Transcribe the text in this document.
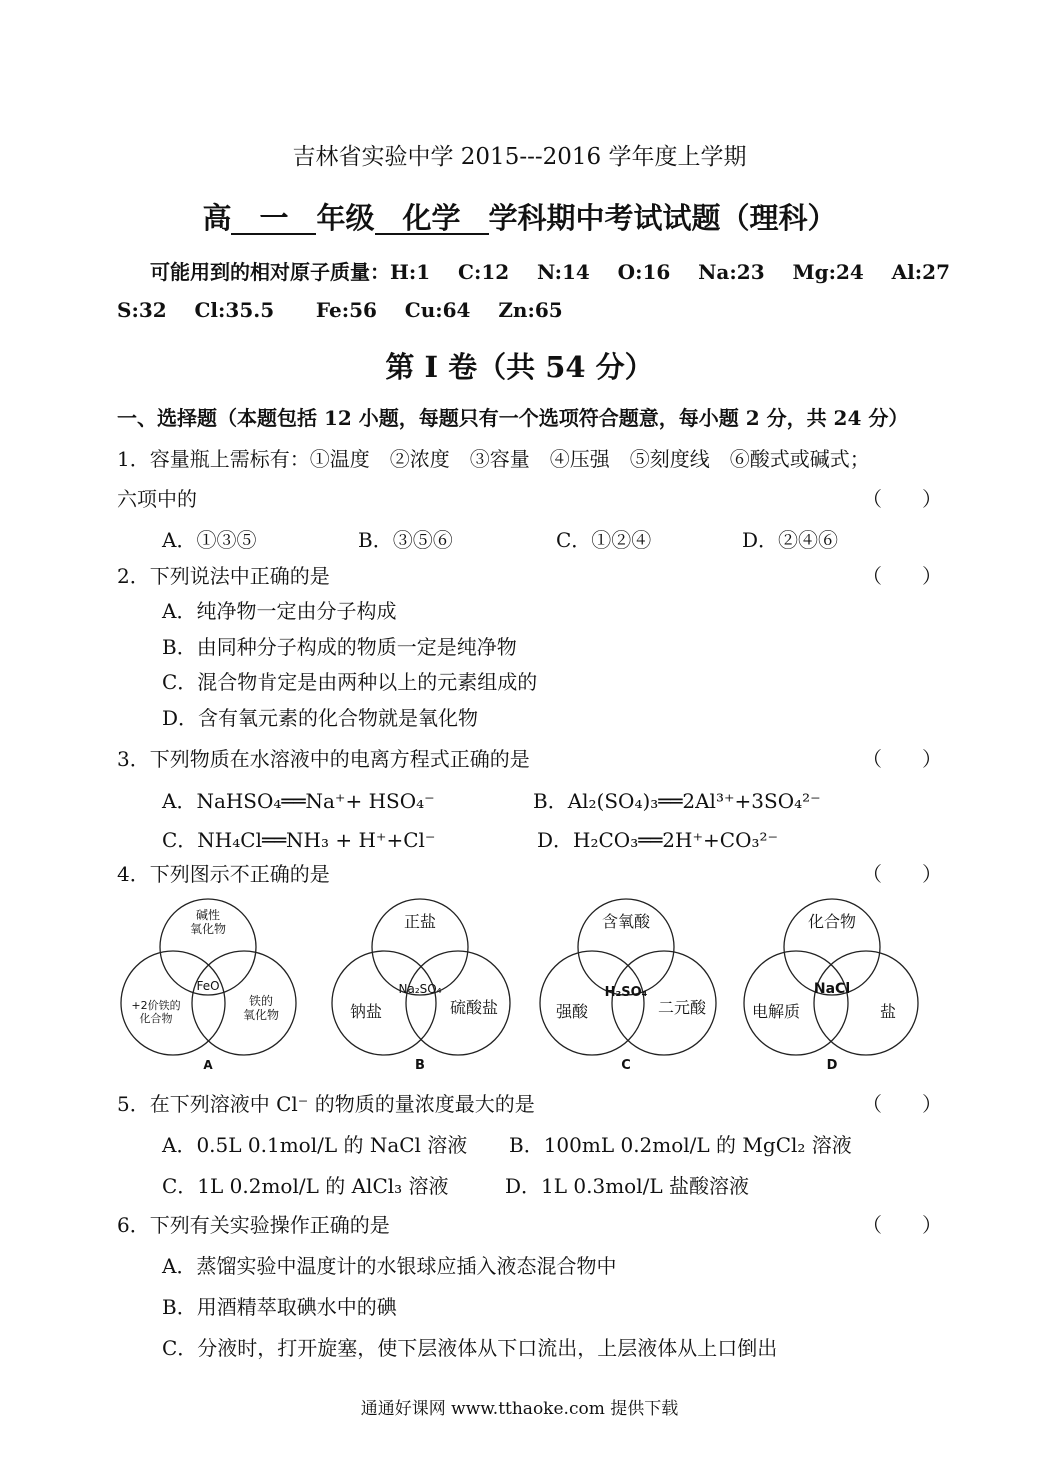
吉林省实验中学 2015---2016 学年度上学期
高 一 年级 化学 学科期中考试试题（理科）
可能用到的相对原子质量：H:1    C:12    N:14    O:16    Na:23    Mg:24    Al:27
S:32    Cl:35.5      Fe:56    Cu:64    Zn:65
第 I 卷（共 54 分）
一、选择题（本题包括 12 小题，每题只有一个选项符合题意，每小题 2 分，共 24 分）
1．容量瓶上需标有：①温度　②浓度　③容量　④压强　⑤刻度线　⑥酸式或碱式；
六项中的	（　　）
A．①③⑤	B．③⑤⑥	C．①②④	D．②④⑥
2．下列说法中正确的是	（　　）
A．纯净物一定由分子构成
B．由同种分子构成的物质一定是纯净物
C．混合物肯定是由两种以上的元素组成的
D．含有氧元素的化合物就是氧化物
3．下列物质在水溶液中的电离方程式正确的是	（　　）
A．NaHSO₄══Na⁺+ HSO₄⁻	B．Al₂(SO₄)₃══2Al³⁺+3SO₄²⁻
C．NH₄Cl══NH₃ + H⁺+Cl⁻	D．H₂CO₃══2H⁺+CO₃²⁻
4．下列图示不正确的是	（　　）
碱性
氧化物
FeO
+2价铁的
化合物
铁的
氧化物
A
正盐
Na₂SO₄
钠盐	硫酸盐
B
含氧酸
H₂SO₄
强酸	二元酸
C
化合物
NaCl
电解质	盐
D
5．在下列溶液中 Cl⁻ 的物质的量浓度最大的是	（　　）
A．0.5L 0.1mol/L 的 NaCl 溶液 B．100mL 0.2mol/L 的 MgCl₂ 溶液
C．1L 0.2mol/L 的 AlCl₃ 溶液	D．1L 0.3mol/L 盐酸溶液
6．下列有关实验操作正确的是	（　　）
A．蒸馏实验中温度计的水银球应插入液态混合物中
B．用酒精萃取碘水中的碘
C．分液时，打开旋塞，使下层液体从下口流出，上层液体从上口倒出
通通好课网 www.tthaoke.com 提供下载
